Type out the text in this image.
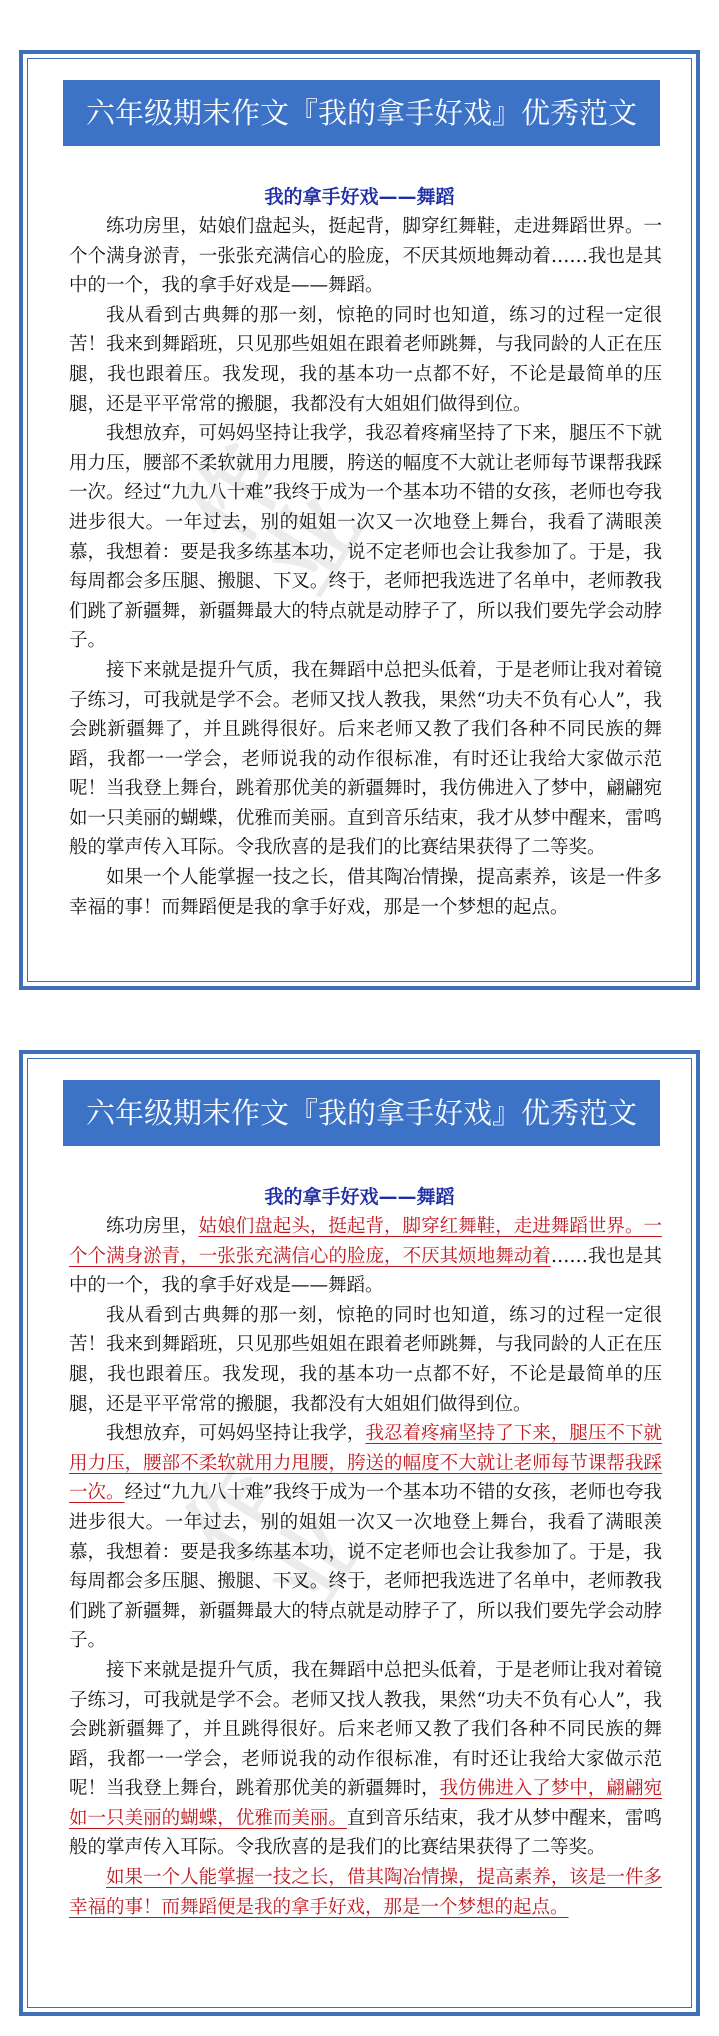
作
业
六年级期末作文『我的拿手好戏』优秀范文
我的拿手好戏——舞蹈

练功房里，姑娘们盘起头，挺起背，脚穿红舞鞋，走进舞蹈世界。一个个满身淤青，一张张充满信心的脸庞，不厌其烦地舞动着……我也是其中的一个，我的拿手好戏是——舞蹈。

我从看到古典舞的那一刻，惊艳的同时也知道，练习的过程一定很苦！我来到舞蹈班，只见那些姐姐在跟着老师跳舞，与我同龄的人正在压腿，我也跟着压。我发现，我的基本功一点都不好，不论是最简单的压腿，还是平平常常的搬腿，我都没有大姐姐们做得到位。

我想放弃，可妈妈坚持让我学，我忍着疼痛坚持了下来，腿压不下就用力压，腰部不柔软就用力甩腰，胯送的幅度不大就让老师每节课帮我踩一次。经过“九九八十难”我终于成为一个基本功不错的女孩，老师也夸我进步很大。一年过去，别的姐姐一次又一次地登上舞台，我看了满眼羡慕，我想着：要是我多练基本功，说不定老师也会让我参加了。于是，我每周都会多压腿、搬腿、下叉。终于，老师把我选进了名单中，老师教我们跳了新疆舞，新疆舞最大的特点就是动脖子了，所以我们要先学会动脖子。

接下来就是提升气质，我在舞蹈中总把头低着，于是老师让我对着镜子练习，可我就是学不会。老师又找人教我，果然“功夫不负有心人”，我会跳新疆舞了，并且跳得很好。后来老师又教了我们各种不同民族的舞蹈，我都一一学会，老师说我的动作很标准，有时还让我给大家做示范呢！当我登上舞台，跳着那优美的新疆舞时，我仿佛进入了梦中，翩翩宛如一只美丽的蝴蝶，优雅而美丽。直到音乐结束，我才从梦中醒来，雷鸣般的掌声传入耳际。令我欣喜的是我们的比赛结果获得了二等奖。

如果一个人能掌握一技之长，借其陶冶情操，提高素养，该是一件多幸福的事！而舞蹈便是我的拿手好戏，那是一个梦想的起点。

作
业
六年级期末作文『我的拿手好戏』优秀范文
我的拿手好戏——舞蹈

练功房里，姑娘们盘起头，挺起背，脚穿红舞鞋，走进舞蹈世界。一个个满身淤青，一张张充满信心的脸庞，不厌其烦地舞动着……我也是其中的一个，我的拿手好戏是——舞蹈。

我从看到古典舞的那一刻，惊艳的同时也知道，练习的过程一定很苦！我来到舞蹈班，只见那些姐姐在跟着老师跳舞，与我同龄的人正在压腿，我也跟着压。我发现，我的基本功一点都不好，不论是最简单的压腿，还是平平常常的搬腿，我都没有大姐姐们做得到位。

我想放弃，可妈妈坚持让我学，我忍着疼痛坚持了下来，腿压不下就用力压，腰部不柔软就用力甩腰，胯送的幅度不大就让老师每节课帮我踩一次。经过“九九八十难”我终于成为一个基本功不错的女孩，老师也夸我进步很大。一年过去，别的姐姐一次又一次地登上舞台，我看了满眼羡慕，我想着：要是我多练基本功，说不定老师也会让我参加了。于是，我每周都会多压腿、搬腿、下叉。终于，老师把我选进了名单中，老师教我们跳了新疆舞，新疆舞最大的特点就是动脖子了，所以我们要先学会动脖子。

接下来就是提升气质，我在舞蹈中总把头低着，于是老师让我对着镜子练习，可我就是学不会。老师又找人教我，果然“功夫不负有心人”，我会跳新疆舞了，并且跳得很好。后来老师又教了我们各种不同民族的舞蹈，我都一一学会，老师说我的动作很标准，有时还让我给大家做示范呢！当我登上舞台，跳着那优美的新疆舞时，我仿佛进入了梦中，翩翩宛如一只美丽的蝴蝶，优雅而美丽。直到音乐结束，我才从梦中醒来，雷鸣般的掌声传入耳际。令我欣喜的是我们的比赛结果获得了二等奖。

如果一个人能掌握一技之长，借其陶冶情操，提高素养，该是一件多幸福的事！而舞蹈便是我的拿手好戏，那是一个梦想的起点。
